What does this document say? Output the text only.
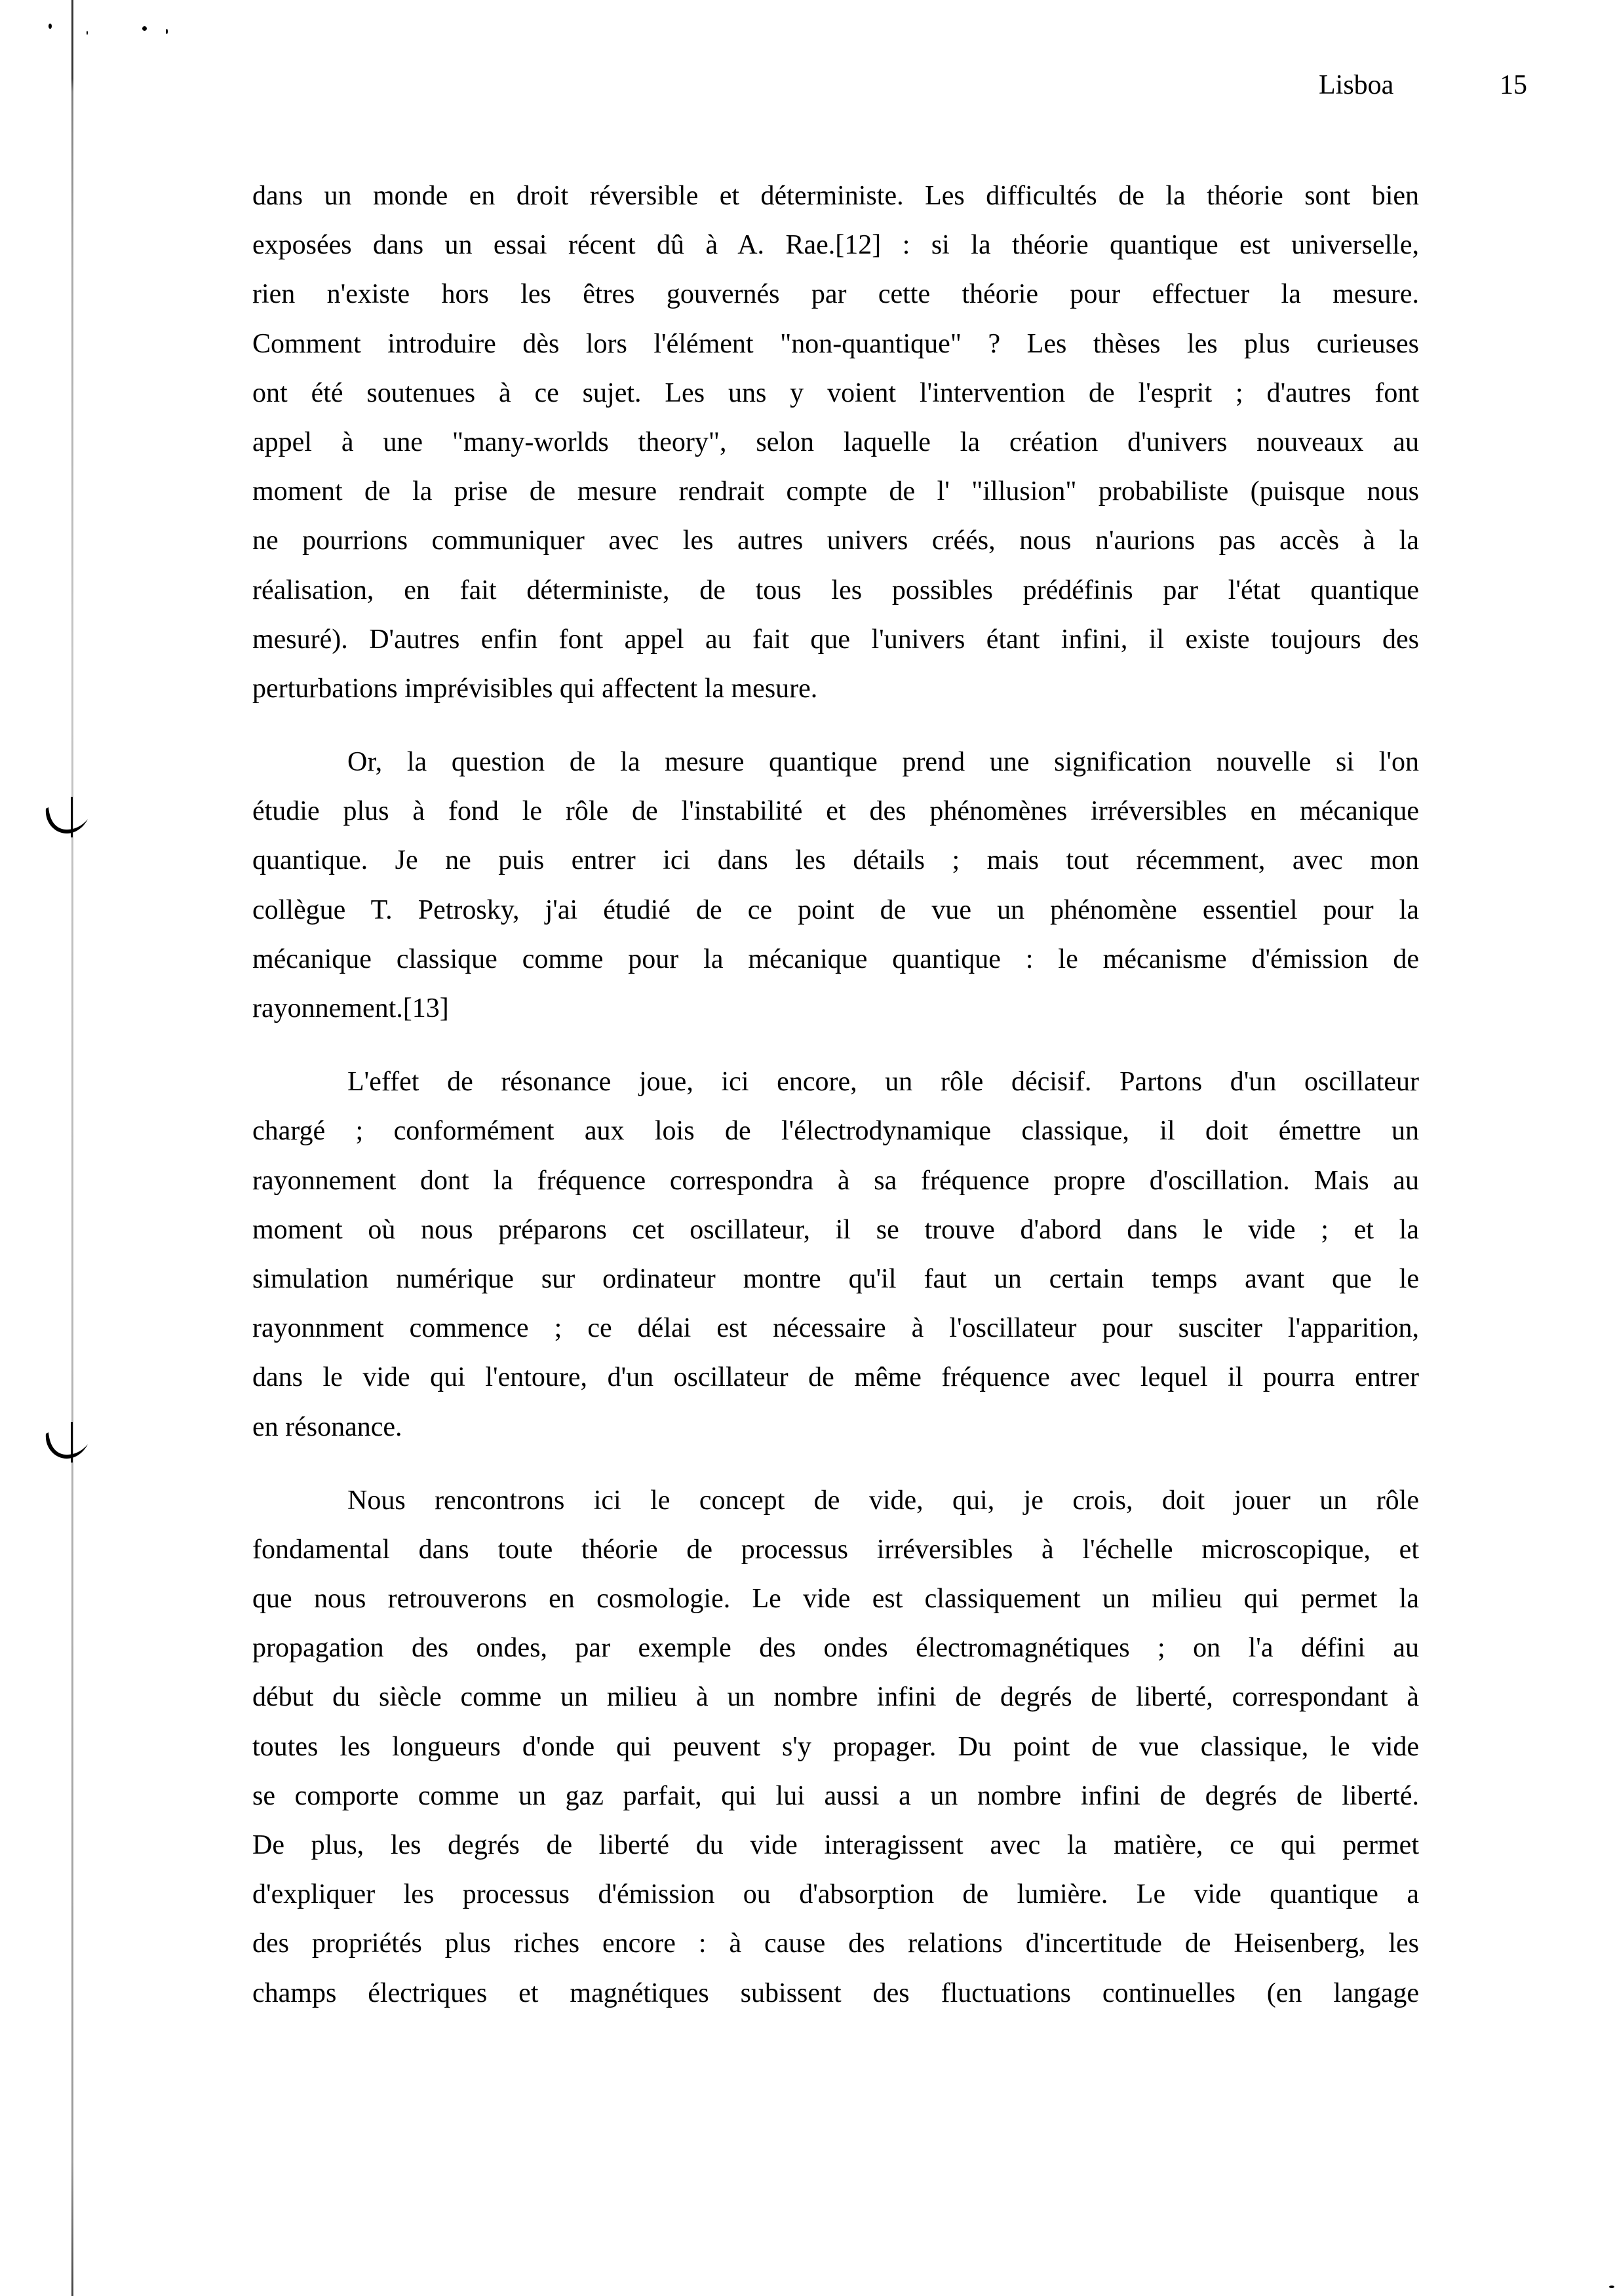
Lisboa	15

dans un monde en droit réversible et déterministe. Les difficultés de la théorie sont bien
exposées dans un essai récent dû à A. Rae.[12] : si la théorie quantique est universelle,
rien n'existe hors les êtres gouvernés par cette théorie pour effectuer la mesure.
Comment introduire dès lors l'élément "non-quantique" ? Les thèses les plus curieuses
ont été soutenues à ce sujet. Les uns y voient l'intervention de l'esprit ; d'autres font
appel à une "many-worlds theory", selon laquelle la création d'univers nouveaux au
moment de la prise de mesure rendrait compte de l' "illusion" probabiliste (puisque nous
ne pourrions communiquer avec les autres univers créés, nous n'aurions pas accès à la
réalisation, en fait déterministe, de tous les possibles prédéfinis par l'état quantique
mesuré). D'autres enfin font appel au fait que l'univers étant infini, il existe toujours des
perturbations imprévisibles qui affectent la mesure.

Or, la question de la mesure quantique prend une signification nouvelle si l'on
étudie plus à fond le rôle de l'instabilité et des phénomènes irréversibles en mécanique
quantique. Je ne puis entrer ici dans les détails ; mais tout récemment, avec mon
collègue T. Petrosky, j'ai étudié de ce point de vue un phénomène essentiel pour la
mécanique classique comme pour la mécanique quantique : le mécanisme d'émission de
rayonnement.[13]

L'effet de résonance joue, ici encore, un rôle décisif. Partons d'un oscillateur
chargé ; conformément aux lois de l'électrodynamique classique, il doit émettre un
rayonnement dont la fréquence correspondra à sa fréquence propre d'oscillation. Mais au
moment où nous préparons cet oscillateur, il se trouve d'abord dans le vide ; et la
simulation numérique sur ordinateur montre qu'il faut un certain temps avant que le
rayonnment commence ; ce délai est nécessaire à l'oscillateur pour susciter l'apparition,
dans le vide qui l'entoure, d'un oscillateur de même fréquence avec lequel il pourra entrer
en résonance.

Nous rencontrons ici le concept de vide, qui, je crois, doit jouer un rôle
fondamental dans toute théorie de processus irréversibles à l'échelle microscopique, et
que nous retrouverons en cosmologie. Le vide est classiquement un milieu qui permet la
propagation des ondes, par exemple des ondes électromagnétiques ; on l'a défini au
début du siècle comme un milieu à un nombre infini de degrés de liberté, correspondant à
toutes les longueurs d'onde qui peuvent s'y propager. Du point de vue classique, le vide
se comporte comme un gaz parfait, qui lui aussi a un nombre infini de degrés de liberté.
De plus, les degrés de liberté du vide interagissent avec la matière, ce qui permet
d'expliquer les processus d'émission ou d'absorption de lumière. Le vide quantique a
des propriétés plus riches encore : à cause des relations d'incertitude de Heisenberg, les
champs électriques et magnétiques subissent des fluctuations continuelles (en langage
